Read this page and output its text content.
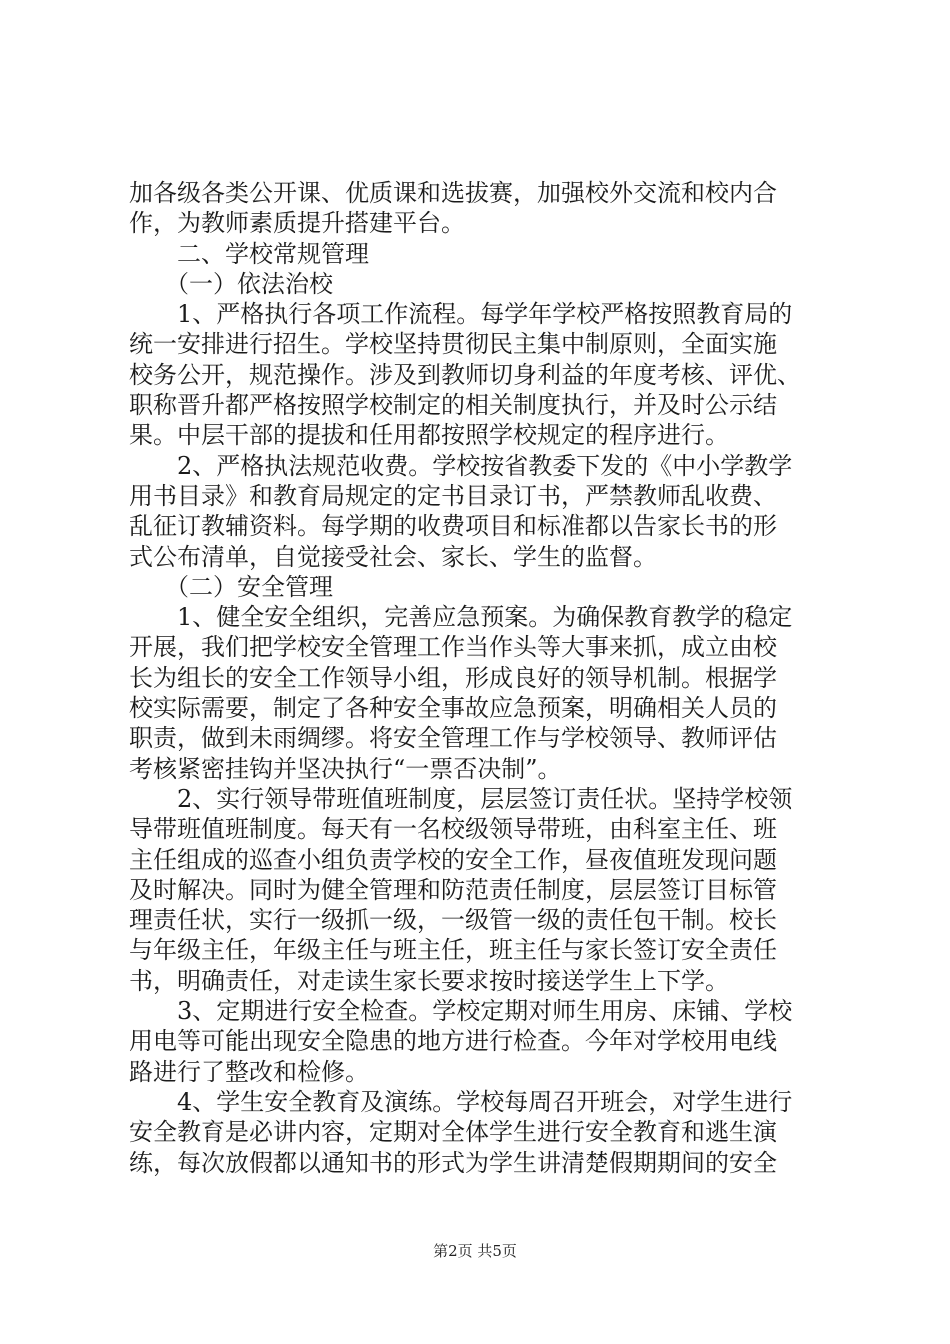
加各级各类公开课、优质课和选拔赛，加强校外交流和校内合
作，为教师素质提升搭建平台。
　　二、学校常规管理
　　（一）依法治校
　　1、严格执行各项工作流程。每学年学校严格按照教育局的
统一安排进行招生。学校坚持贯彻民主集中制原则，全面实施
校务公开，规范操作。涉及到教师切身利益的年度考核、评优、
职称晋升都严格按照学校制定的相关制度执行，并及时公示结
果。中层干部的提拔和任用都按照学校规定的程序进行。
　　2、严格执法规范收费。学校按省教委下发的《中小学教学
用书目录》和教育局规定的定书目录订书，严禁教师乱收费、
乱征订教辅资料。每学期的收费项目和标准都以告家长书的形
式公布清单，自觉接受社会、家长、学生的监督。
　　（二）安全管理
　　1、健全安全组织，完善应急预案。为确保教育教学的稳定
开展，我们把学校安全管理工作当作头等大事来抓，成立由校
长为组长的安全工作领导小组，形成良好的领导机制。根据学
校实际需要，制定了各种安全事故应急预案，明确相关人员的
职责，做到未雨绸缪。将安全管理工作与学校领导、教师评估
考核紧密挂钩并坚决执行“一票否决制”。
　　2、实行领导带班值班制度，层层签订责任状。坚持学校领
导带班值班制度。每天有一名校级领导带班，由科室主任、班
主任组成的巡查小组负责学校的安全工作，昼夜值班发现问题
及时解决。同时为健全管理和防范责任制度，层层签订目标管
理责任状，实行一级抓一级，一级管一级的责任包干制。校长
与年级主任，年级主任与班主任，班主任与家长签订安全责任
书，明确责任，对走读生家长要求按时接送学生上下学。
　　3、定期进行安全检查。学校定期对师生用房、床铺、学校
用电等可能出现安全隐患的地方进行检查。今年对学校用电线
路进行了整改和检修。
　　4、学生安全教育及演练。学校每周召开班会，对学生进行
安全教育是必讲内容，定期对全体学生进行安全教育和逃生演
练，每次放假都以通知书的形式为学生讲清楚假期期间的安全
第2页 共5页
